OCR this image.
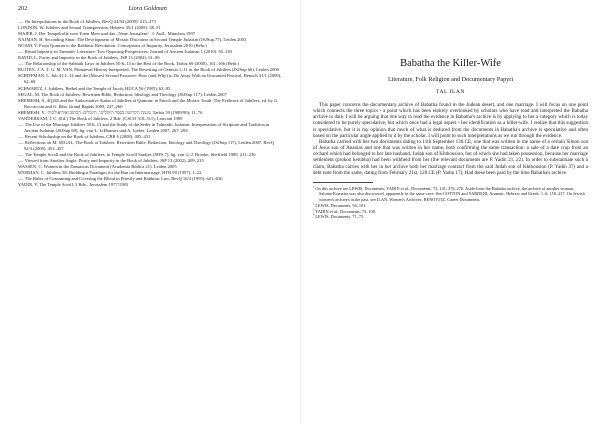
202	Liora Goldman

—. On Interpolations in the Book of Jubilees, RevQ 24/94 (2009): 215–273

LONDON, W. Jubilees and Sexual Transgression, Hebrew 35/1 (2009): 38–51

MAIER, J. Der Tempelrolle vom Toten Meer und das „Neue Jerusalem“. 3. Aufl., München 1997

NAJMAN, H. Seconding Sinai: The Development of Mosaic Discourse in Second Temple Judaism (JSJSup 77), Leiden 2003

NOAM, V. From Qumran to the Rabbinic Revolution: Conceptions of Impurity, Jerusalem 2010 (Hebr.)

—. Ritual Impurity in Tannaitic Literature: Two Opposing Perspectives, Journal of Ancient Judaism 1 (2010): 65–103

RAVID, L. Purity and Impurity in the Book of Jubilees, JSP 13 (2002): 61–86

—. The Relationship of the Sabbath Laws in Jubilees 50:6–13 to the Rest of the Book, Tarbiz 69 (2000), 161–166 (Hebr.)

RUITEN, J. A. T. G. M. VAN, Primaeval History Interpreted: The Rewriting of Genesis 1–11 in the Book of Jubilees (JSJSup 66), Leiden 2000

SCHIFFMAN, L. Jub 41:1–14 and the (Moses) Second Passover: How (and Why) to Do Away With an Unwanted Festival, Henoch 31/1 (2009), 62–68

SCHWARTZ, J. Jubilees, Bethel and the Temple of Jacob, HUCA 56 (1985), 63–85

SEGAL, M. The Book of Jubilees: Rewritten Bible, Redaction, Ideology and Theology (JSJSup 117), Leiden 2007

SHEMESH, A. 4Q265 and the Authoritative Status of Jubilees at Qumran: in Enoch and the Mosaic Torah: The Evidence of Jubilees, ed. by G. Boccaccini and G. Ibba, Grand Rapids 2009, 247–260

SHEMESH, Y. ‘מגמת הקדושה בספר היובלים’, היובלים: הכתוב ואידיאולוגיה, Tarbiz 59 (1989/90), 11–76

VANDERKAM, J. C. (Ed.) The Book of Jubilees, 2 Bde. (CSCO 510–511), Louvain 1989

—. The Use of the Marriage Jubilees 50:6–13 and the Study of the Seder in Talmudic Judaism: Interpretation of Scripture and Tradition in Ancient Judaism (JSJSup 69), hg. von L. LiDonnici und A. Lieber, Leiden 2007, 267–284

—. Recent Scholarship on the Book of Jubilees, CBR 6 (2008), 405–431

—. Reflections on M. SEGAL, The Book of Jubilees: Rewritten Bible, Redaction, Ideology and Theology (JSJSup 117), Leiden 2007, RevQ 92/3 (2008), 451–457

—. The Temple Scroll and the Book of Jubilees, in Temple Scroll Studies (JSPS 7), hg. von G. J. Brooke, Sheffield 1989, 211–236

—. Viewed from Another Angle: Purity and Impurity in the Book of Jubilees, JSP 13 (2002), 209–215

WASSEN, C. Women in the Damascus Document (Academia Biblica 21), Leiden 2005

WERMAN, C. Jubilees 30: Building a Paradigm for the Ban on Intermarriage, HTR 90 (1997), 1–22

—. The Rules of Consuming and Covering the Blood in Priestly and Rabbinic Law, RevQ 16/4 (1995), 621–636

YADIN, Y. The Temple Scroll, 3 Bde., Jerusalem 1977/1983

Babatha the Killer-Wife
Literature, Folk Religion and Documentary Papyri
TAL ILAN

This paper concerns the documentary archive of Babatha found in the Judean desert, and one marriage. I will focus on one point which connects the three topics - a point which has been entirely overlooked by scholars who have read and interpreted the Babatha archive to date. I will be arguing that one way to read the evidence in Babatha's archive is by applying to her a category which is today considered to be purely speculative, but which once had a legal aspect - her identification as a killer-wife. I realize that this suggestion is speculative, but it is my opinion that much of what is deduced from the documents in Babatha's archive is speculative and often based on the particular angle applied to it by the scholar. I will point to such interpretations as we run through the evidence.

Babatha carried with her two documents dating to 11th September 130 CE, one that was written in the name of a certain Simon son of Jesus son of Ananias and one that was written in her name, both confirming the same transaction: a sale of a date crop from an orchard which had belonged to her late husband, Judah son of Khthousion, but of which she had taken possession, because her marriage settlement (prokon ketubba) had been withheld from her (the relevant documents are P. Yadin 21, 22). In order to substantiate such a claim, Babatha carries with her in her archive both her marriage contract from the said Judah son of Khthousion (P. Yadin 37) and a debt note from the same, dating from February 21st, 128 CE (P. Yadin 17). Had these been paid by the time Babatha's archive

$^1$ On this archive see LEWIS, Documents; YADIN et al., Documents, 73–141; 378–276. Aside from the Babatha archive, the archive of another woman, Salome Komaise was also discovered, apparently in the same cave. See COTTON and YARDENI, Aramaic, Hebrew and Greek, 1–6; 158–237. On Jewish women's archives in the past, see ILAN, Women's Archives; BENOVITZ, Career Documents.

$^2$ LEWIS, Documents, 94–101.

$^3$ YADIN et al., Documents, 73–108.

$^4$ LEWIS, Documents, 71–75.
